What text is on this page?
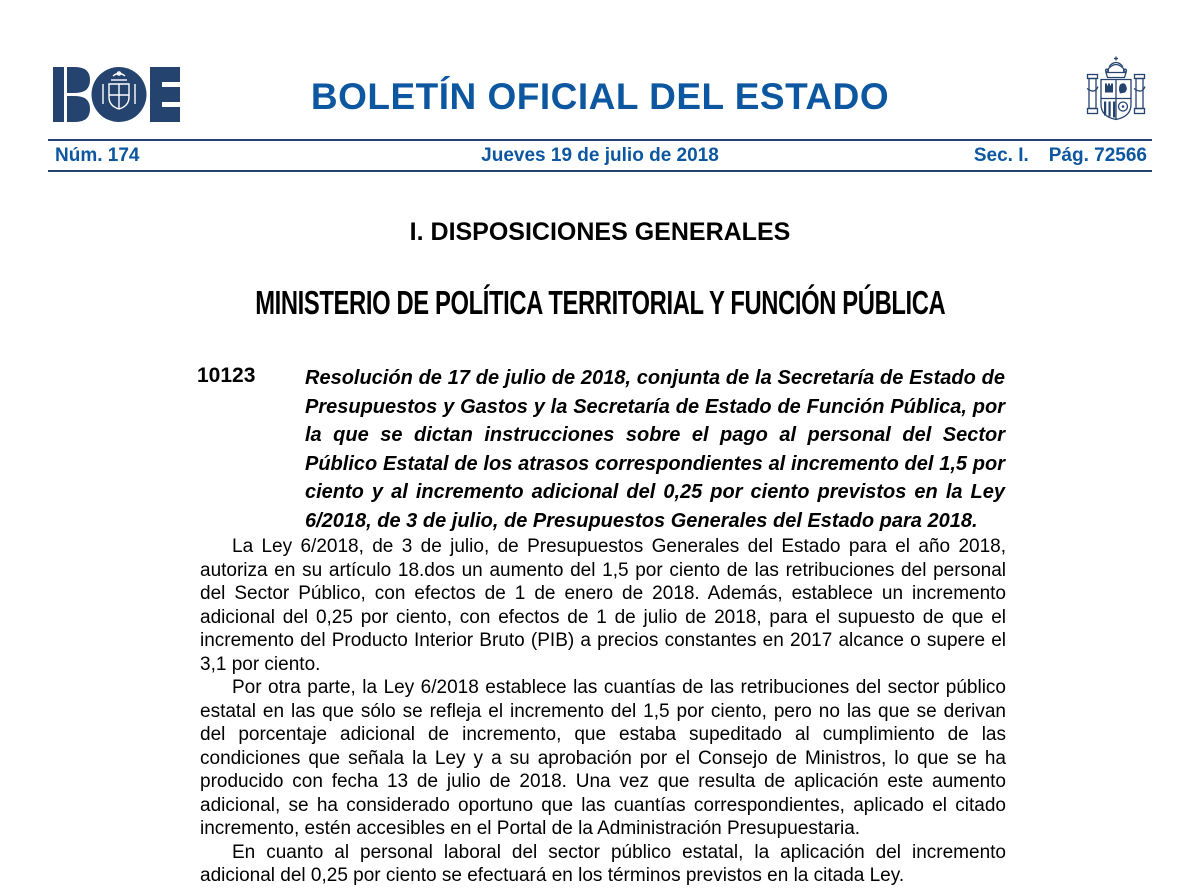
BOLETÍN OFICIAL DEL ESTADO
Núm. 174	Jueves 19 de julio de 2018	Sec. I. Pág. 72566
I. DISPOSICIONES GENERALES
MINISTERIO DE POLÍTICA TERRITORIAL Y FUNCIÓN PÚBLICA
10123 Resolución de 17 de julio de 2018, conjunta de la Secretaría de Estado de Presupuestos y Gastos y la Secretaría de Estado de Función Pública, por la que se dictan instrucciones sobre el pago al personal del Sector Público Estatal de los atrasos correspondientes al incremento del 1,5 por ciento y al incremento adicional del 0,25 por ciento previstos en la Ley 6/2018, de 3 de julio, de Presupuestos Generales del Estado para 2018.

La Ley 6/2018, de 3 de julio, de Presupuestos Generales del Estado para el año 2018, autoriza en su artículo 18.dos un aumento del 1,5 por ciento de las retribuciones del personal del Sector Público, con efectos de 1 de enero de 2018. Además, establece un incremento adicional del 0,25 por ciento, con efectos de 1 de julio de 2018, para el supuesto de que el incremento del Producto Interior Bruto (PIB) a precios constantes en 2017 alcance o supere el 3,1 por ciento.

Por otra parte, la Ley 6/2018 establece las cuantías de las retribuciones del sector público estatal en las que sólo se refleja el incremento del 1,5 por ciento, pero no las que se derivan del porcentaje adicional de incremento, que estaba supeditado al cumplimiento de las condiciones que señala la Ley y a su aprobación por el Consejo de Ministros, lo que se ha producido con fecha 13 de julio de 2018. Una vez que resulta de aplicación este aumento adicional, se ha considerado oportuno que las cuantías correspondientes, aplicado el citado incremento, estén accesibles en el Portal de la Administración Presupuestaria.

En cuanto al personal laboral del sector público estatal, la aplicación del incremento adicional del 0,25 por ciento se efectuará en los términos previstos en la citada Ley.
